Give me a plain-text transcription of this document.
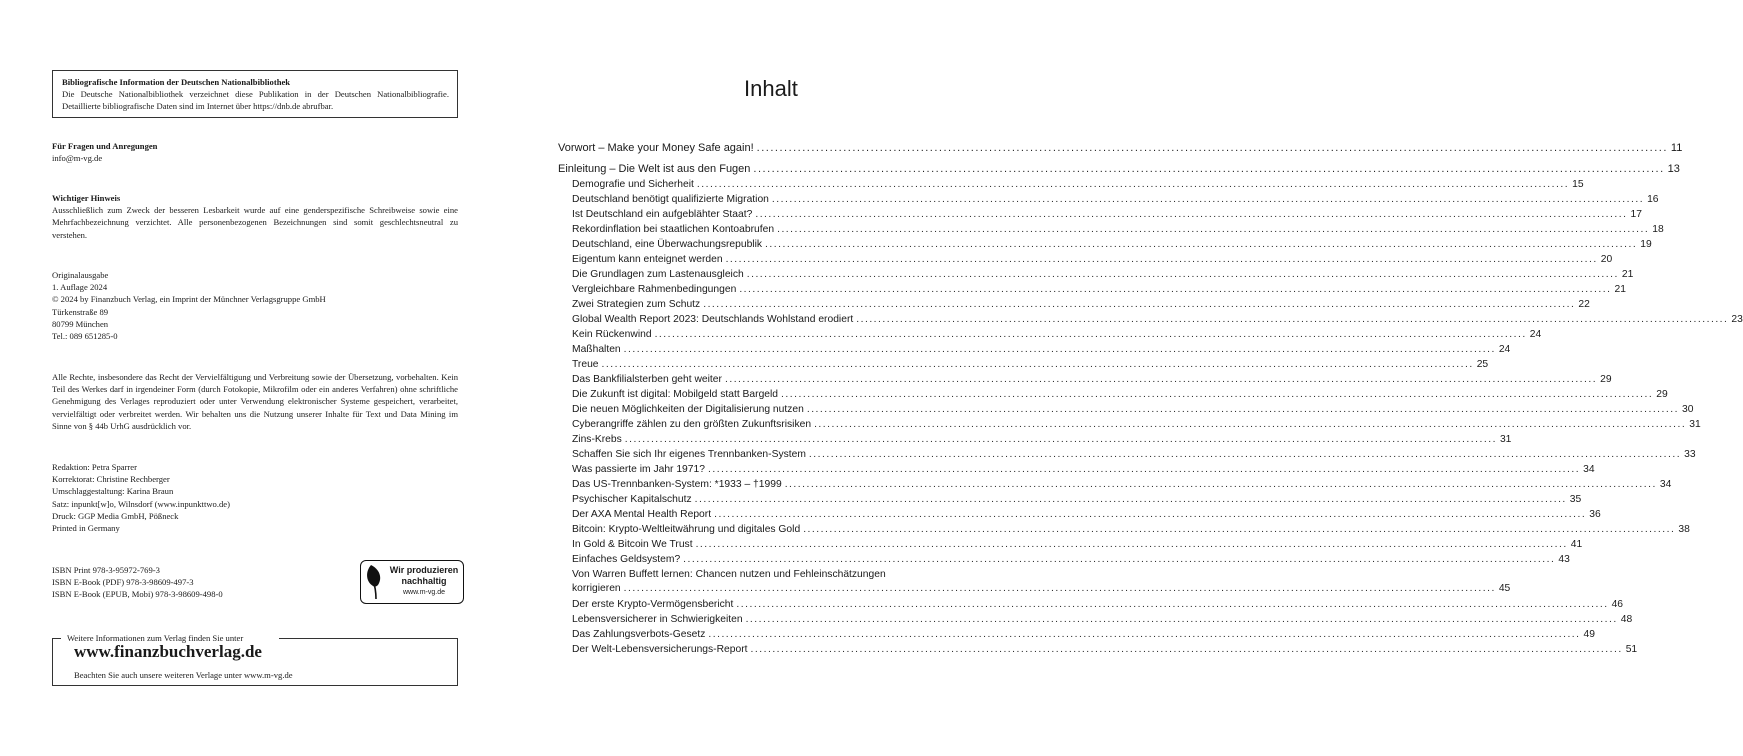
Bibliografische Information der Deutschen Nationalbibliothek
Die Deutsche Nationalbibliothek verzeichnet diese Publikation in der Deutschen Nationalbibliografie. Detaillierte bibliografische Daten sind im Internet über https://dnb.de abrufbar.
Für Fragen und Anregungen
info@m-vg.de
Wichtiger Hinweis
Ausschließlich zum Zweck der besseren Lesbarkeit wurde auf eine genderspezifische Schreibweise sowie eine Mehrfachbezeichnung verzichtet. Alle personenbezogenen Bezeichnungen sind somit geschlechtsneutral zu verstehen.
Originalausgabe
1. Auflage 2024
© 2024 by Finanzbuch Verlag, ein Imprint der Münchner Verlagsgruppe GmbH
Türkenstraße 89
80799 München
Tel.: 089 651285-0
Alle Rechte, insbesondere das Recht der Vervielfältigung und Verbreitung sowie der Übersetzung, vorbehalten. Kein Teil des Werkes darf in irgendeiner Form (durch Fotokopie, Mikrofilm oder ein anderes Verfahren) ohne schriftliche Genehmigung des Verlages reproduziert oder unter Verwendung elektronischer Systeme gespeichert, verarbeitet, vervielfältigt oder verbreitet werden. Wir behalten uns die Nutzung unserer Inhalte für Text und Data Mining im Sinne von § 44b UrhG ausdrücklich vor.
Redaktion: Petra Sparrer
Korrektorat: Christine Rechberger
Umschlaggestaltung: Karina Braun
Satz: inpunkt[w]o, Wilnsdorf (www.inpunkttwo.de)
Druck: GGP Media GmbH, Pößneck
Printed in Germany
ISBN Print 978-3-95972-769-3
ISBN E-Book (PDF) 978-3-98609-497-3
ISBN E-Book (EPUB, Mobi) 978-3-98609-498-0
Wir produzieren
nachhaltig
www.m-vg.de
Weitere Informationen zum Verlag finden Sie unter
www.finanzbuchverlag.de
Beachten Sie auch unsere weiteren Verlage unter www.m-vg.de
Inhalt
Vorwort – Make your Money Safe again! ........................................................................................................................................................................................................ 11
Einleitung – Die Welt ist aus den Fugen ........................................................................................................................................................................................................ 13
Demografie und Sicherheit ........................................................................................................................................................................................................ 15
Deutschland benötigt qualifizierte Migration ........................................................................................................................................................................................................ 16
Ist Deutschland ein aufgeblähter Staat? ........................................................................................................................................................................................................ 17
Rekordinflation bei staatlichen Kontoabrufen ........................................................................................................................................................................................................ 18
Deutschland, eine Überwachungsrepublik ........................................................................................................................................................................................................ 19
Eigentum kann enteignet werden ........................................................................................................................................................................................................ 20
Die Grundlagen zum Lastenausgleich ........................................................................................................................................................................................................ 21
Vergleichbare Rahmenbedingungen ........................................................................................................................................................................................................ 21
Zwei Strategien zum Schutz ........................................................................................................................................................................................................ 22
Global Wealth Report 2023: Deutschlands Wohlstand erodiert ........................................................................................................................................................................................................ 23
Kein Rückenwind ........................................................................................................................................................................................................ 24
Maßhalten ........................................................................................................................................................................................................ 24
Treue ........................................................................................................................................................................................................ 25
Das Bankfilialsterben geht weiter ........................................................................................................................................................................................................ 29
Die Zukunft ist digital: Mobilgeld statt Bargeld ........................................................................................................................................................................................................ 29
Die neuen Möglichkeiten der Digitalisierung nutzen ........................................................................................................................................................................................................ 30
Cyberangriffe zählen zu den größten Zukunftsrisiken ........................................................................................................................................................................................................ 31
Zins-Krebs ........................................................................................................................................................................................................ 31
Schaffen Sie sich Ihr eigenes Trennbanken-System ........................................................................................................................................................................................................ 33
Was passierte im Jahr 1971? ........................................................................................................................................................................................................ 34
Das US-Trennbanken-System: *1933 – †1999 ........................................................................................................................................................................................................ 34
Psychischer Kapitalschutz ........................................................................................................................................................................................................ 35
Der AXA Mental Health Report ........................................................................................................................................................................................................ 36
Bitcoin: Krypto-Weltleitwährung und digitales Gold ........................................................................................................................................................................................................ 38
In Gold & Bitcoin We Trust ........................................................................................................................................................................................................ 41
Einfaches Geldsystem? ........................................................................................................................................................................................................ 43
Von Warren Buffett lernen: Chancen nutzen und Fehleinschätzungen
korrigieren ........................................................................................................................................................................................................ 45
Der erste Krypto-Vermögensbericht ........................................................................................................................................................................................................ 46
Lebensversicherer in Schwierigkeiten ........................................................................................................................................................................................................ 48
Das Zahlungsverbots-Gesetz ........................................................................................................................................................................................................ 49
Der Welt-Lebensversicherungs-Report ........................................................................................................................................................................................................ 51
